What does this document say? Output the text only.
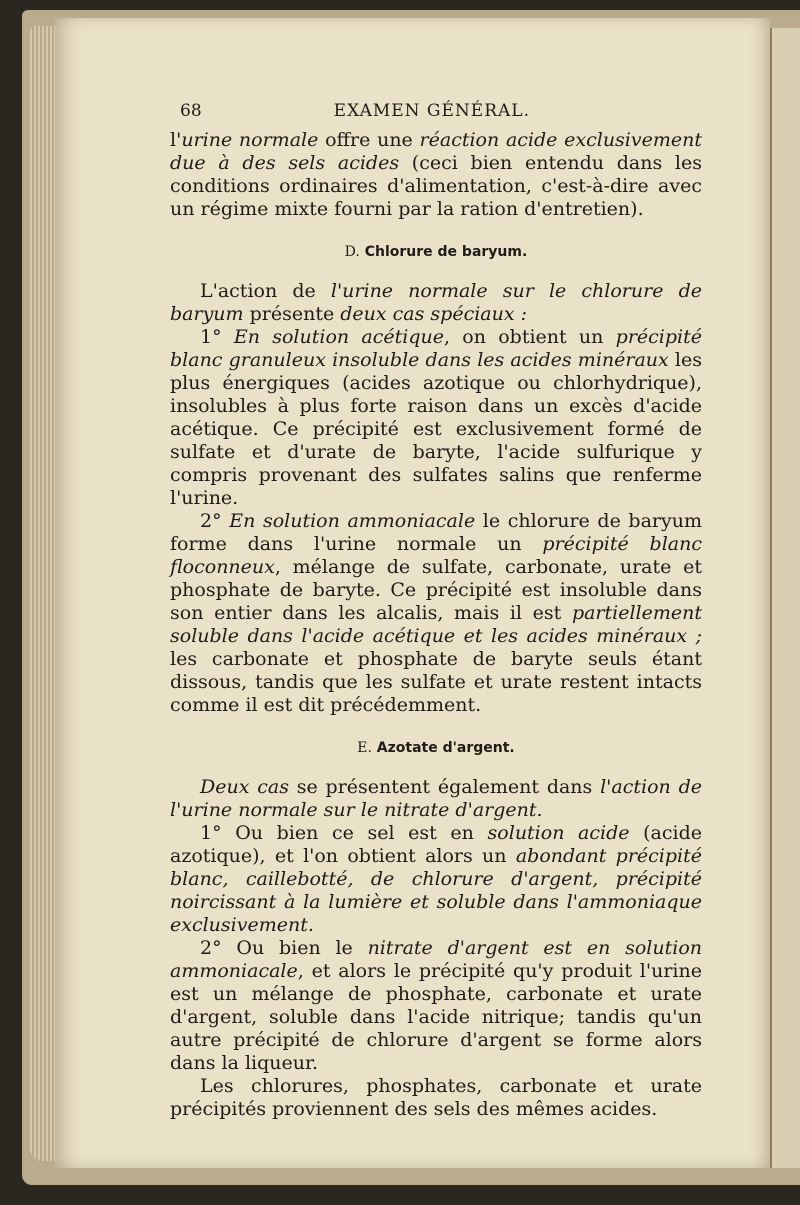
68	EXAMEN GÉNÉRAL.

l'urine normale offre une réaction acide exclusivement due à des sels acides (ceci bien entendu dans les conditions ordinaires d'alimentation, c'est-à-dire avec un régime mixte fourni par la ration d'entretien).

D. Chlorure de baryum.

L'action de l'urine normale sur le chlorure de baryum présente deux cas spéciaux :

1° En solution acétique, on obtient un précipité blanc granuleux insoluble dans les acides minéraux les plus énergiques (acides azotique ou chlorhydrique), insolubles à plus forte raison dans un excès d'acide acétique. Ce précipité est exclusivement formé de sulfate et d'urate de baryte, l'acide sulfurique y compris provenant des sulfates salins que renferme l'urine.

2° En solution ammoniacale le chlorure de baryum forme dans l'urine normale un précipité blanc floconneux, mélange de sulfate, carbonate, urate et phosphate de baryte. Ce précipité est insoluble dans son entier dans les alcalis, mais il est partiellement soluble dans l'acide acétique et les acides minéraux ; les carbonate et phosphate de baryte seuls étant dissous, tandis que les sulfate et urate restent intacts comme il est dit précédemment.

E. Azotate d'argent.

Deux cas se présentent également dans l'action de l'urine normale sur le nitrate d'argent.

1° Ou bien ce sel est en solution acide (acide azotique), et l'on obtient alors un abondant précipité blanc, caillebotté, de chlorure d'argent, précipité noircissant à la lumière et soluble dans l'ammoniaque exclusivement.

2° Ou bien le nitrate d'argent est en solution ammoniacale, et alors le précipité qu'y produit l'urine est un mélange de phosphate, carbonate et urate d'argent, soluble dans l'acide nitrique; tandis qu'un autre précipité de chlorure d'argent se forme alors dans la liqueur.

Les chlorures, phosphates, carbonate et urate précipités proviennent des sels des mêmes acides.
